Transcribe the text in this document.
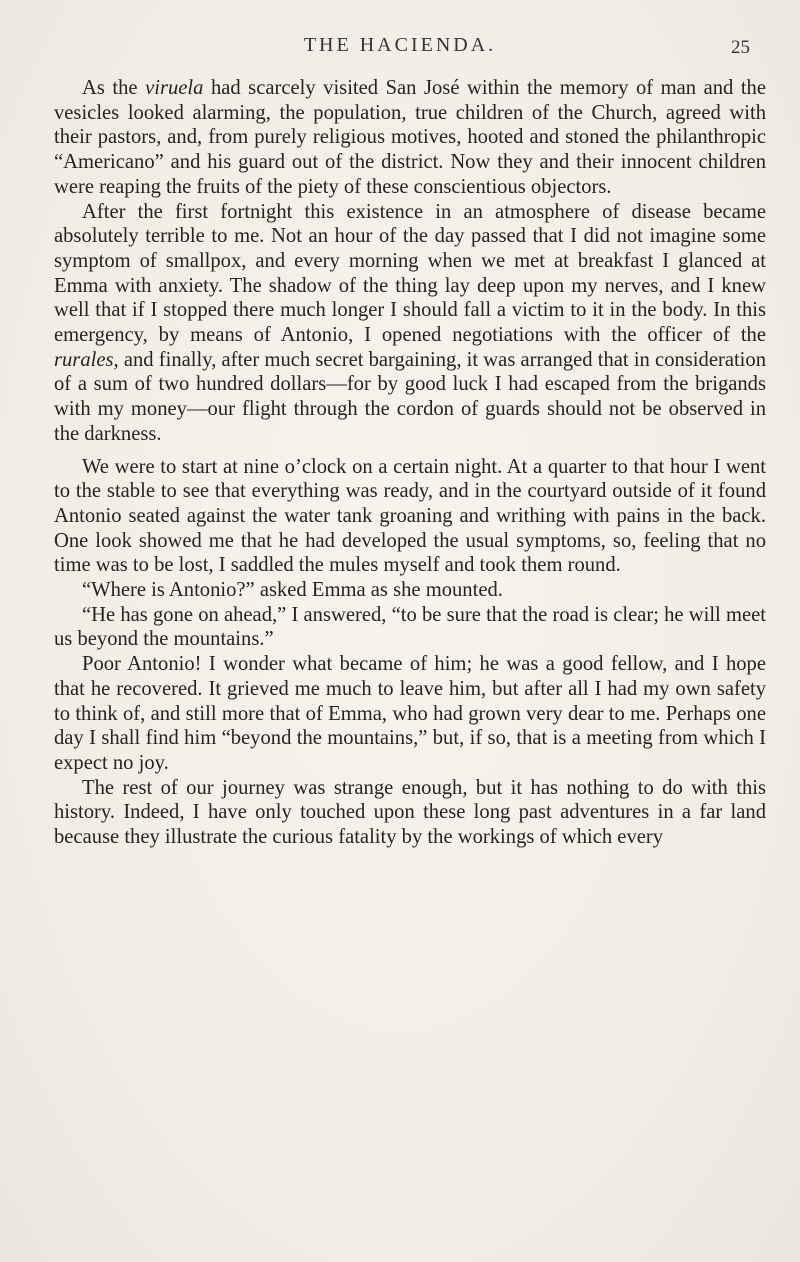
THE HACIENDA.	25

As the viruela had scarcely visited San José within the memory of man and the vesicles looked alarming, the population, true children of the Church, agreed with their pastors, and, from purely religious motives, hooted and stoned the philanthropic “Americano” and his guard out of the district. Now they and their innocent children were reaping the fruits of the piety of these conscientious objectors.

After the first fortnight this existence in an atmosphere of disease became absolutely terrible to me. Not an hour of the day passed that I did not imagine some symptom of smallpox, and every morning when we met at breakfast I glanced at Emma with anxiety. The shadow of the thing lay deep upon my nerves, and I knew well that if I stopped there much longer I should fall a victim to it in the body. In this emergency, by means of Antonio, I opened negotiations with the officer of the rurales, and finally, after much secret bargaining, it was arranged that in consideration of a sum of two hundred dollars—for by good luck I had escaped from the brigands with my money—our flight through the cordon of guards should not be observed in the darkness.

We were to start at nine o’clock on a certain night. At a quarter to that hour I went to the stable to see that everything was ready, and in the courtyard outside of it found Antonio seated against the water tank groaning and writhing with pains in the back. One look showed me that he had developed the usual symptoms, so, feeling that no time was to be lost, I saddled the mules myself and took them round.

“Where is Antonio?” asked Emma as she mounted.

“He has gone on ahead,” I answered, “to be sure that the road is clear; he will meet us beyond the mountains.”

Poor Antonio! I wonder what became of him; he was a good fellow, and I hope that he recovered. It grieved me much to leave him, but after all I had my own safety to think of, and still more that of Emma, who had grown very dear to me. Perhaps one day I shall find him “beyond the mountains,” but, if so, that is a meeting from which I expect no joy.

The rest of our journey was strange enough, but it has nothing to do with this history. Indeed, I have only touched upon these long past adventures in a far land because they illustrate the curious fatality by the workings of which every
